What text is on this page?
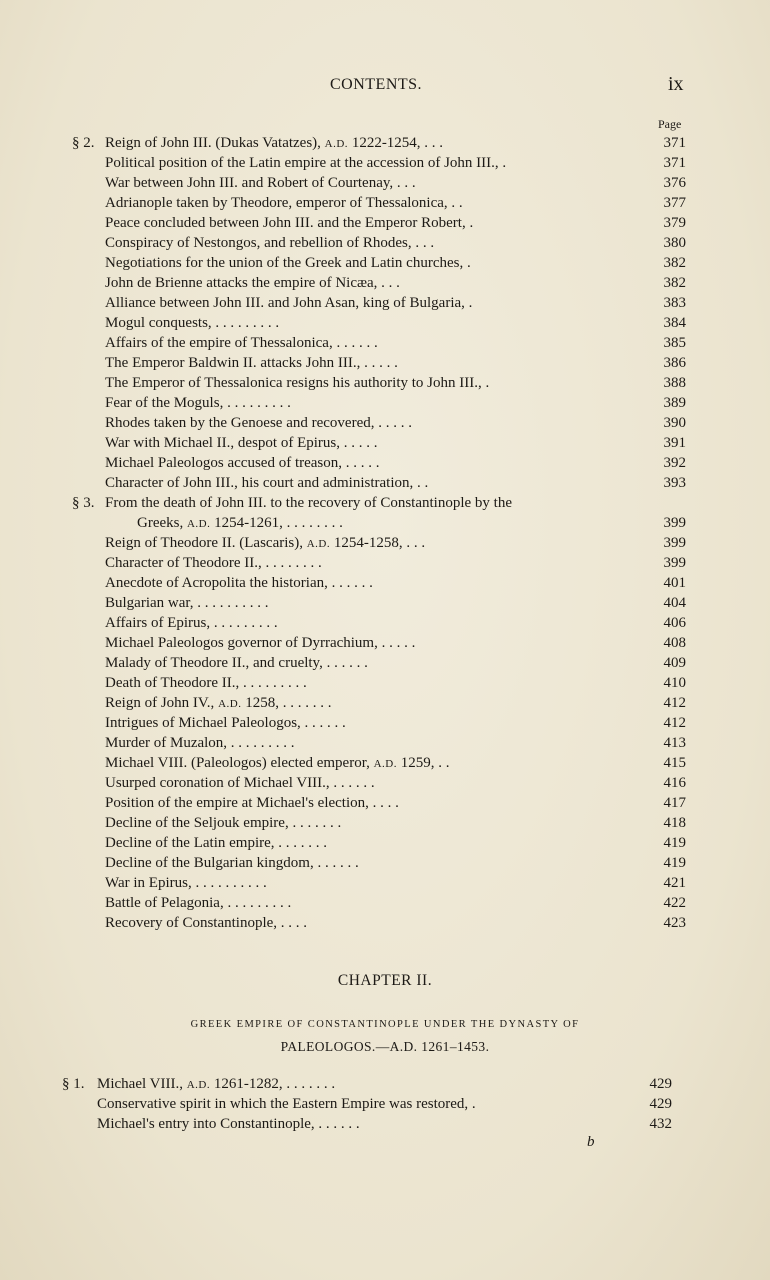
CONTENTS.	ix
Page
§ 2. Reign of John III. (Dukas Vatatzes), A.D. 1222-1254, . . .	371
Political position of the Latin empire at the accession of John III., .	371
War between John III. and Robert of Courtenay, . . .	376
Adrianople taken by Theodore, emperor of Thessalonica, . .	377
Peace concluded between John III. and the Emperor Robert, .	379
Conspiracy of Nestongos, and rebellion of Rhodes, . . .	380
Negotiations for the union of the Greek and Latin churches, .	382
John de Brienne attacks the empire of Nicæa, . . .	382
Alliance between John III. and John Asan, king of Bulgaria, .	383
Mogul conquests, . . . . . . . . .	384
Affairs of the empire of Thessalonica, . . . . . .	385
The Emperor Baldwin II. attacks John III., . . . . .	386
The Emperor of Thessalonica resigns his authority to John III., .	388
Fear of the Moguls, . . . . . . . . .	389
Rhodes taken by the Genoese and recovered, . . . . .	390
War with Michael II., despot of Epirus, . . . . .	391
Michael Paleologos accused of treason, . . . . .	392
Character of John III., his court and administration, . .	393
§ 3. From the death of John III. to the recovery of Constantinople by the
Greeks, A.D. 1254-1261, . . . . . . . .	399
Reign of Theodore II. (Lascaris), A.D. 1254-1258, . . .	399
Character of Theodore II., . . . . . . . .	399
Anecdote of Acropolita the historian, . . . . . .	401
Bulgarian war, . . . . . . . . . .	404
Affairs of Epirus, . . . . . . . . .	406
Michael Paleologos governor of Dyrrachium, . . . . .	408
Malady of Theodore II., and cruelty, . . . . . .	409
Death of Theodore II., . . . . . . . . .	410
Reign of John IV., A.D. 1258, . . . . . . .	412
Intrigues of Michael Paleologos, . . . . . .	412
Murder of Muzalon, . . . . . . . . .	413
Michael VIII. (Paleologos) elected emperor, A.D. 1259, . .	415
Usurped coronation of Michael VIII., . . . . . .	416
Position of the empire at Michael's election, . . . .	417
Decline of the Seljouk empire, . . . . . . .	418
Decline of the Latin empire, . . . . . . .	419
Decline of the Bulgarian kingdom, . . . . . .	419
War in Epirus, . . . . . . . . . .	421
Battle of Pelagonia, . . . . . . . . .	422
Recovery of Constantinople, . . . .	423
CHAPTER II.
GREEK EMPIRE OF CONSTANTINOPLE UNDER THE DYNASTY OF
PALEOLOGOS.—A.D. 1261–1453.
§ 1. Michael VIII., A.D. 1261-1282, . . . . . . .	429
Conservative spirit in which the Eastern Empire was restored, .	429
Michael's entry into Constantinople, . . . . . .	432
b
